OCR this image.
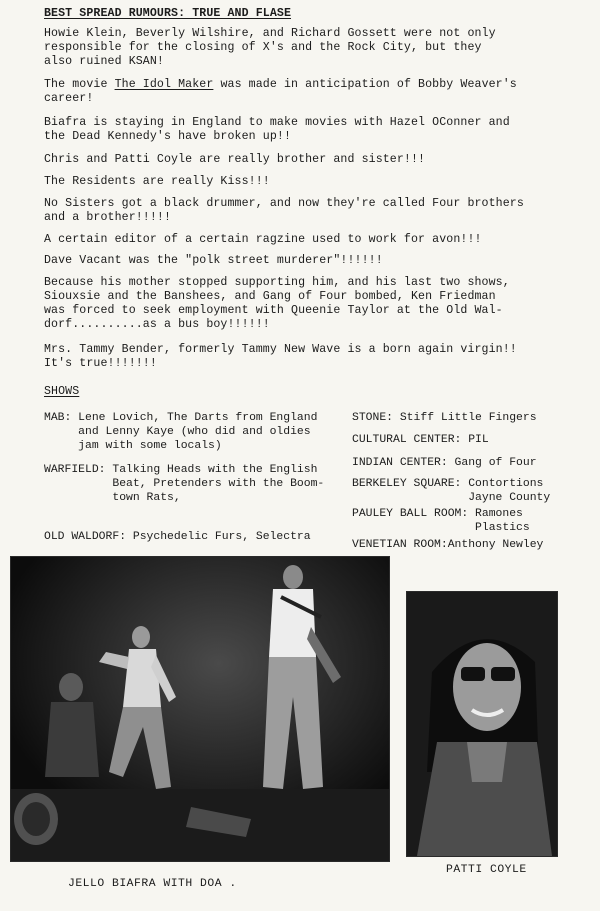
BEST SPREAD RUMOURS: TRUE AND FLASE
Howie Klein, Beverly Wilshire, and Richard Gossett were not only
responsible for the closing of X's and the Rock City, but they
also ruined KSAN!
The movie The Idol Maker was made in anticipation of Bobby Weaver's
career!
Biafra is staying in England to make movies with Hazel OConner and
the Dead Kennedy's have broken up!!
Chris and Patti Coyle are really brother and sister!!!
The Residents are really Kiss!!!
No Sisters got a black drummer, and now they're called Four brothers
and a brother!!!!!
A certain editor of a certain ragzine used to work for avon!!!
Dave Vacant was the "polk street murderer"!!!!!!
Because his mother stopped supporting him, and his last two shows,
Siouxsie and the Banshees, and Gang of Four bombed, Ken Friedman
was forced to seek employment with Queenie Taylor at the Old Wal-
dorf..........as a bus boy!!!!!!
Mrs. Tammy Bender, formerly Tammy New Wave is a born again virgin!!
It's true!!!!!!!
SHOWS
MAB: Lene Lovich, The Darts from England
and Lenny Kaye (who did and oldies
jam with some locals)
WARFIELD: Talking Heads with the English
Beat, Pretenders with the Boom-
town Rats,
OLD WALDORF: Psychedelic Furs, Selectra
STONE: Stiff Little Fingers
CULTURAL CENTER: PIL
INDIAN CENTER: Gang of Four
BERKELEY SQUARE: Contortions
Jayne County
PAULEY BALL ROOM: Ramones
Plastics
VENETIAN ROOM:Anthony Newley
JELLO BIAFRA WITH DOA .
PATTI COYLE
